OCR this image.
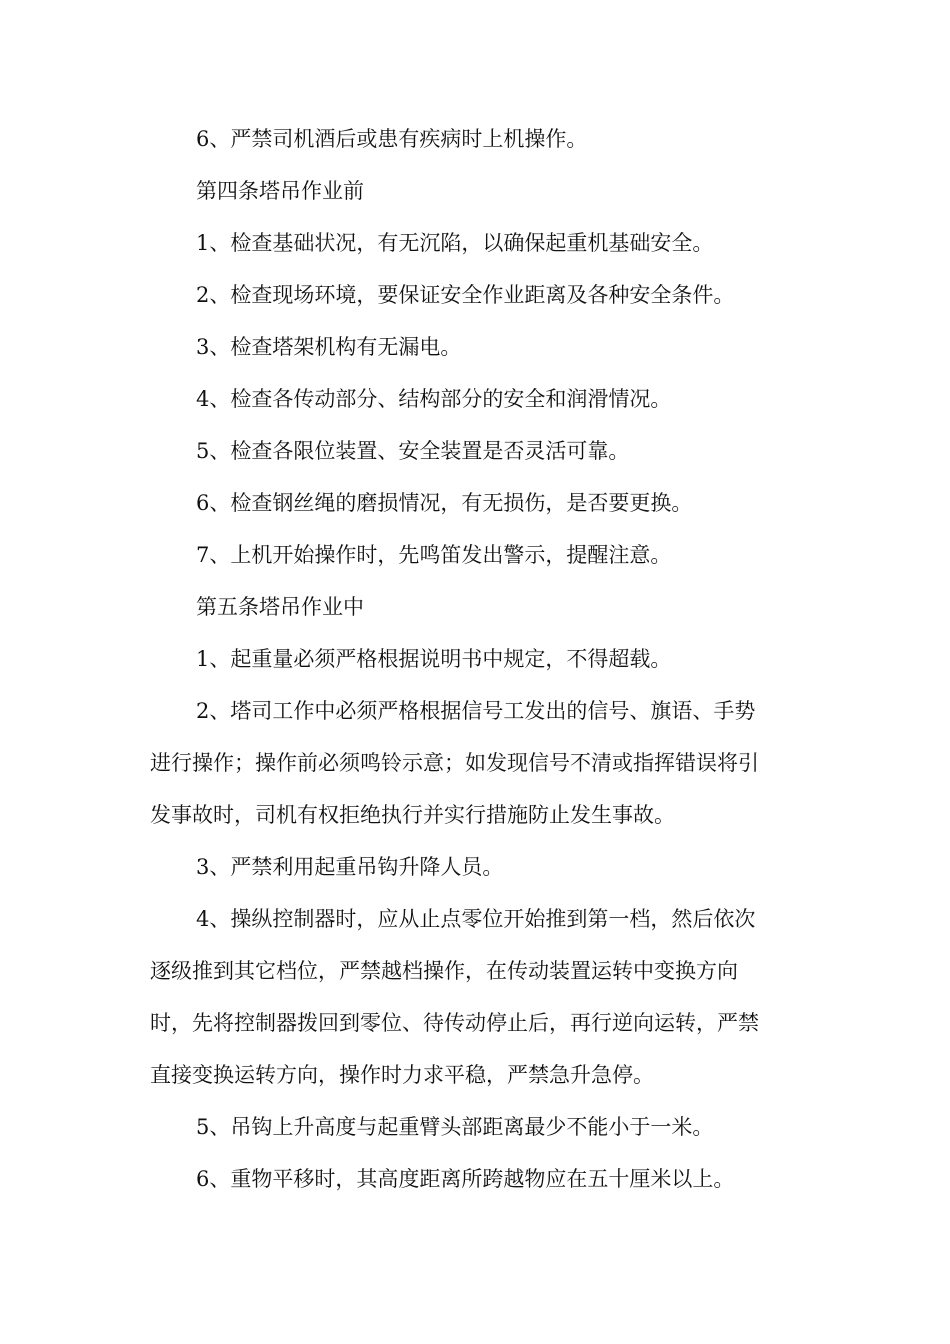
6、严禁司机酒后或患有疾病时上机操作。
第四条塔吊作业前
1、检查基础状况，有无沉陷，以确保起重机基础安全。
2、检查现场环境，要保证安全作业距离及各种安全条件。
3、检查塔架机构有无漏电。
4、检查各传动部分、结构部分的安全和润滑情况。
5、检查各限位装置、安全装置是否灵活可靠。
6、检查钢丝绳的磨损情况，有无损伤，是否要更换。
7、上机开始操作时，先鸣笛发出警示，提醒注意。
第五条塔吊作业中
1、起重量必须严格根据说明书中规定，不得超载。
2、塔司工作中必须严格根据信号工发出的信号、旗语、手势
进行操作；操作前必须鸣铃示意；如发现信号不清或指挥错误将引
发事故时，司机有权拒绝执行并实行措施防止发生事故。
3、严禁利用起重吊钩升降人员。
4、操纵控制器时，应从止点零位开始推到第一档，然后依次
逐级推到其它档位，严禁越档操作，在传动装置运转中变换方向
时，先将控制器拨回到零位、待传动停止后，再行逆向运转，严禁
直接变换运转方向，操作时力求平稳，严禁急升急停。
5、吊钩上升高度与起重臂头部距离最少不能小于一米。
6、重物平移时，其高度距离所跨越物应在五十厘米以上。
